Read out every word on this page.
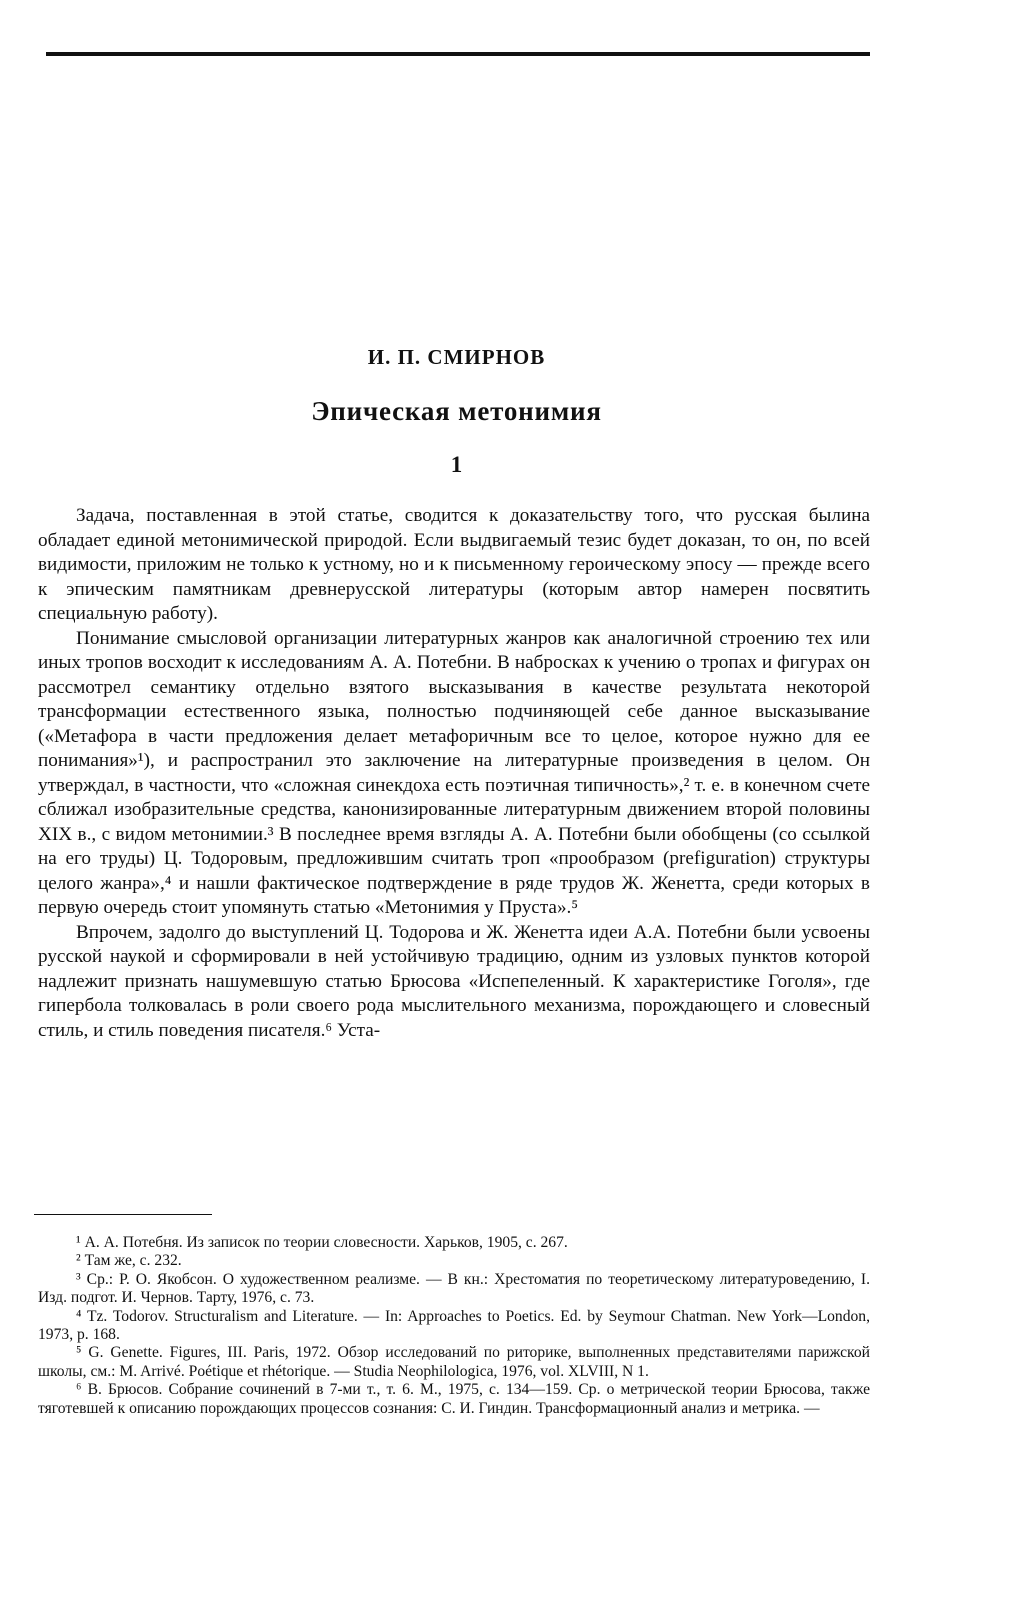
И. П. СМИРНОВ
Эпическая метонимия
1

Задача, поставленная в этой статье, сводится к доказательству того, что русская былина обладает единой метонимической природой. Если выдвигаемый тезис будет доказан, то он, по всей видимости, приложим не только к устному, но и к письменному героическому эпосу — прежде всего к эпическим памятникам древнерусской литературы (которым автор намерен посвятить специальную работу).

Понимание смысловой организации литературных жанров как аналогичной строению тех или иных тропов восходит к исследованиям А. А. Потебни. В набросках к учению о тропах и фигурах он рассмотрел семантику отдельно взятого высказывания в качестве результата некоторой трансформации естественного языка, полностью подчиняющей себе данное высказывание («Метафора в части предложения делает метафоричным все то целое, которое нужно для ее понимания»¹), и распространил это заключение на литературные произведения в целом. Он утверждал, в частности, что «сложная синекдоха есть поэтичная типичность»,² т. е. в конечном счете сближал изобразительные средства, канонизированные литературным движением второй половины XIX в., с видом метонимии.³ В последнее время взгляды А. А. Потебни были обобщены (со ссылкой на его труды) Ц. Тодоровым, предложившим считать троп «прообразом (prefiguration) структуры целого жанра»,⁴ и нашли фактическое подтверждение в ряде трудов Ж. Женетта, среди которых в первую очередь стоит упомянуть статью «Метонимия у Пруста».⁵

Впрочем, задолго до выступлений Ц. Тодорова и Ж. Женетта идеи А.А. Потебни были усвоены русской наукой и сформировали в ней устойчивую традицию, одним из узловых пунктов которой надлежит признать нашумевшую статью Брюсова «Испепеленный. К характеристике Гоголя», где гипербола толковалась в роли своего рода мыслительного механизма, порождающего и словесный стиль, и стиль поведения писателя.⁶ Уста-

¹ А. А. Потебня. Из записок по теории словесности. Харьков, 1905, с. 267.

² Там же, с. 232.

³ Ср.: Р. О. Якобсон. О художественном реализме. — В кн.: Хрестоматия по теоретическому литературоведению, I. Изд. подгот. И. Чернов. Тарту, 1976, с. 73.

⁴ Tz. Todorov. Structuralism and Literature. — In: Approaches to Poetics. Ed. by Seymour Chatman. New York—London, 1973, p. 168.

⁵ G. Genette. Figures, III. Paris, 1972. Обзор исследований по риторике, выполненных представителями парижской школы, см.: M. Arrivé. Poétique et rhétorique. — Studia Neophilologica, 1976, vol. XLVIII, N 1.

⁶ В. Брюсов. Собрание сочинений в 7-ми т., т. 6. М., 1975, с. 134—159. Ср. о метрической теории Брюсова, также тяготевшей к описанию порождающих процессов сознания: С. И. Гиндин. Трансформационный анализ и метрика. —
